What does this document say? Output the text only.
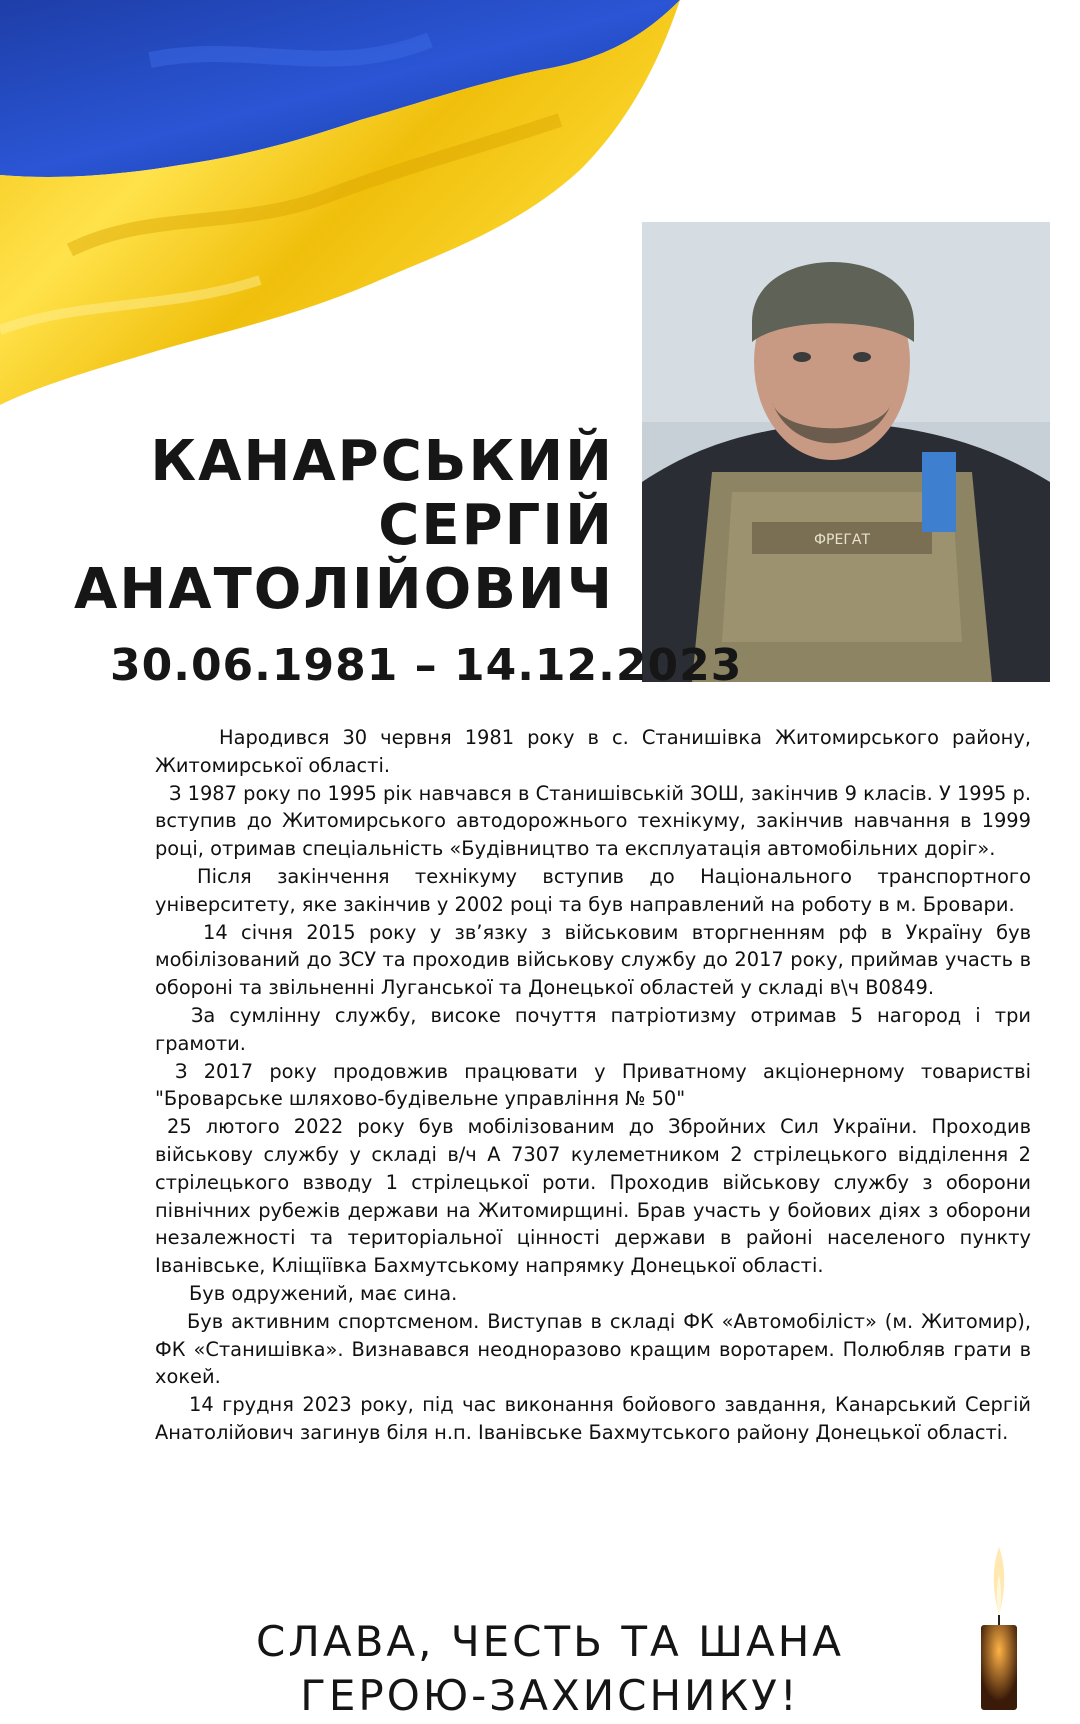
ФРЕГАТ
КАНАРСЬКИЙ
СЕРГІЙ
АНАТОЛІЙОВИЧ
30.06.1981 – 14.12.2023

Народився 30 червня 1981 року в с. Станишівка Житомирського району, Житомирської області.

З 1987 року по 1995 рік навчався в Станишівській ЗОШ, закінчив 9 класів. У 1995 р. вступив до Житомирського автодорожнього технікуму, закінчив навчання в 1999 році, отримав спеціальність «Будівництво та експлуатація автомобільних доріг».

Після закінчення технікуму вступив до Національного транспортного університету, яке закінчив у 2002 році та був направлений на роботу в м. Бровари.

14 січня 2015 року у зв’язку з військовим вторгненням рф в Україну був мобілізований до ЗСУ та проходив військову службу до 2017 року, приймав участь в обороні та звільненні Луганської та Донецької областей у складі в\ч В0849.

За сумлінну службу, високе почуття патріотизму отримав 5 нагород і три грамоти.

З 2017 року продовжив працювати у Приватному акціонерному товаристві "Броварське шляхово-будівельне управління № 50"

25 лютого 2022 року був мобілізованим до Збройних Сил України. Проходив військову службу у складі в/ч А 7307 кулеметником 2 стрілецького відділення 2 стрілецького взводу 1 стрілецької роти. Проходив військову службу з оборони північних рубежів держави на Житомирщині. Брав участь у бойових діях з оборони незалежності та територіальної цінності держави в районі населеного пункту Іванівське, Кліщіївка Бахмутському напрямку Донецької області.

Був одружений, має сина.

Був активним спортсменом. Виступав в складі ФК «Автомобіліст» (м. Житомир), ФК «Станишівка». Визнавався неодноразово кращим воротарем. Полюбляв грати в хокей.

14 грудня 2023 року, під час виконання бойового завдання, Канарський Сергій Анатолійович загинув біля н.п. Іванівське Бахмутського району Донецької області.

СЛАВА, ЧЕСТЬ ТА ШАНА
ГЕРОЮ-ЗАХИСНИКУ!
